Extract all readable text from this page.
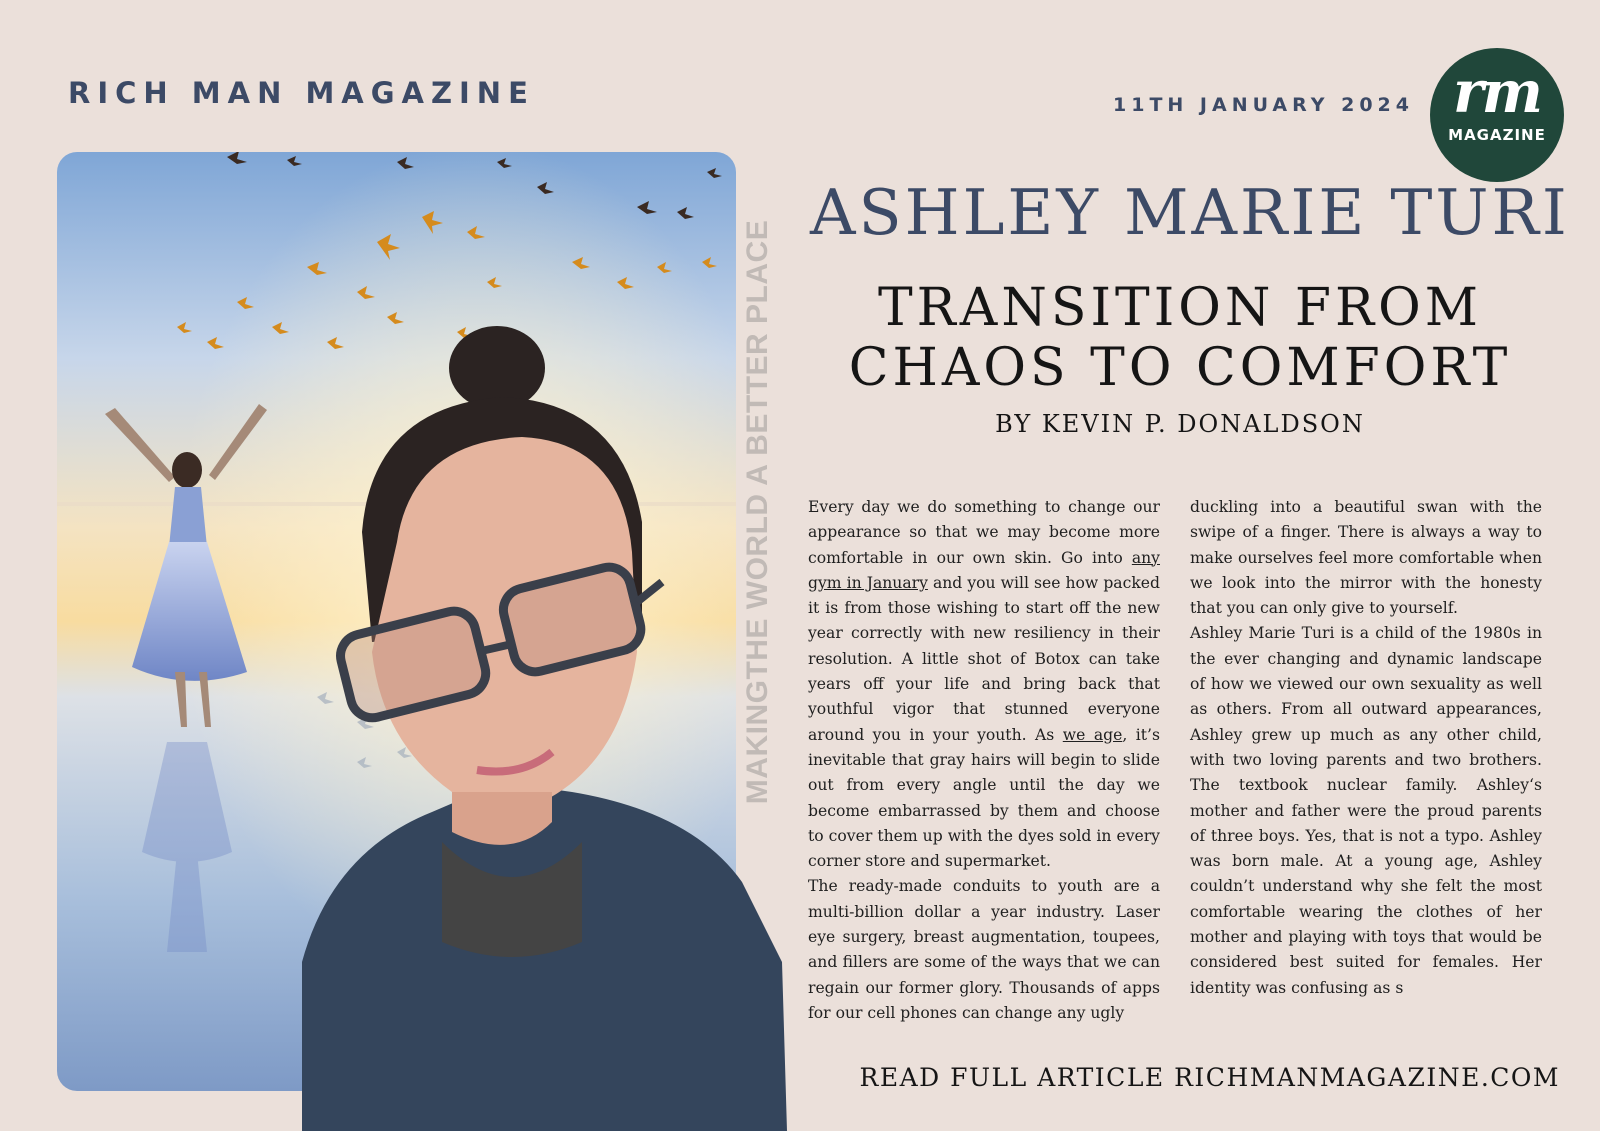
RICH MAN MAGAZINE	11TH JANUARY 2024 rm
MAGAZINE
MAKINGTHE WORLD A BETTER PLACE
ASHLEY MARIE TURI
TRANSITION FROM
CHAOS TO COMFORT
BY KEVIN P. DONALDSON

Every day we do something to change our appearance so that we may become more comfortable in our own skin. Go into any gym in January and you will see how packed it is from those wishing to start off the new year correctly with new resiliency in their resolution. A little shot of Botox can take years off your life and bring back that youthful vigor that stunned everyone around you in your youth. As we age, it’s inevitable that gray hairs will begin to slide out from every angle until the day we become embarrassed by them and choose to cover them up with the dyes sold in every corner store and supermarket.

The ready-made conduits to youth are a multi-billion dollar a year industry. Laser eye surgery, breast augmentation, toupees, and fillers are some of the ways that we can regain our former glory. Thousands of apps for our cell phones can change any ugly

duckling into a beautiful swan with the swipe of a finger. There is always a way to make ourselves feel more comfortable when we look into the mirror with the honesty that you can only give to yourself.

Ashley Marie Turi is a child of the 1980s in the ever changing and dynamic landscape of how we viewed our own sexuality as well as others. From all outward appearances, Ashley grew up much as any other child, with two loving parents and two brothers. The textbook nuclear family. Ashley‘s mother and father were the proud parents of three boys. Yes, that is not a typo. Ashley was born male. At a young age, Ashley couldn’t understand why she felt the most comfortable wearing the clothes of her mother and playing with toys that would be considered best suited for females. Her identity was confusing as s

READ FULL ARTICLE RICHMANMAGAZINE.COM
